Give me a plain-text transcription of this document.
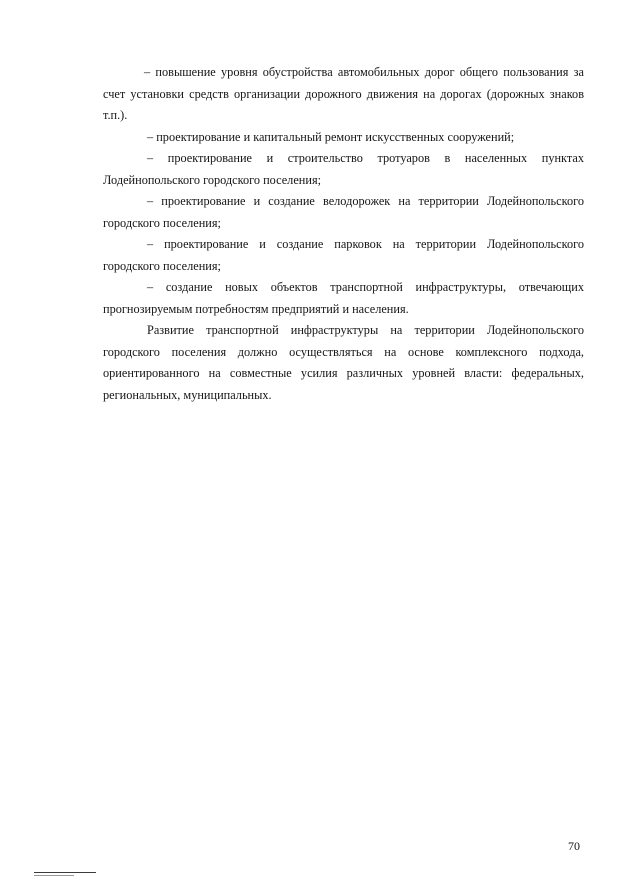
– повышение уровня обустройства автомобильных дорог общего пользования за счет установки средств организации дорожного движения на дорогах (дорожных знаков т.п.).

– проектирование и капитальный ремонт искусственных сооружений;

– проектирование и строительство тротуаров в населенных пунктах Лодейнопольского городского поселения;

– проектирование и создание велодорожек на территории Лодейнопольского городского поселения;

– проектирование и создание парковок на территории Лодейнопольского городского поселения;

– создание новых объектов транспортной инфраструктуры, отвечающих прогнозируемым потребностям предприятий и населения.

Развитие транспортной инфраструктуры на территории Лодейнопольского городского поселения должно осуществляться на основе комплексного подхода, ориентированного на совместные усилия различных уровней власти: федеральных, региональных, муниципальных.

70
